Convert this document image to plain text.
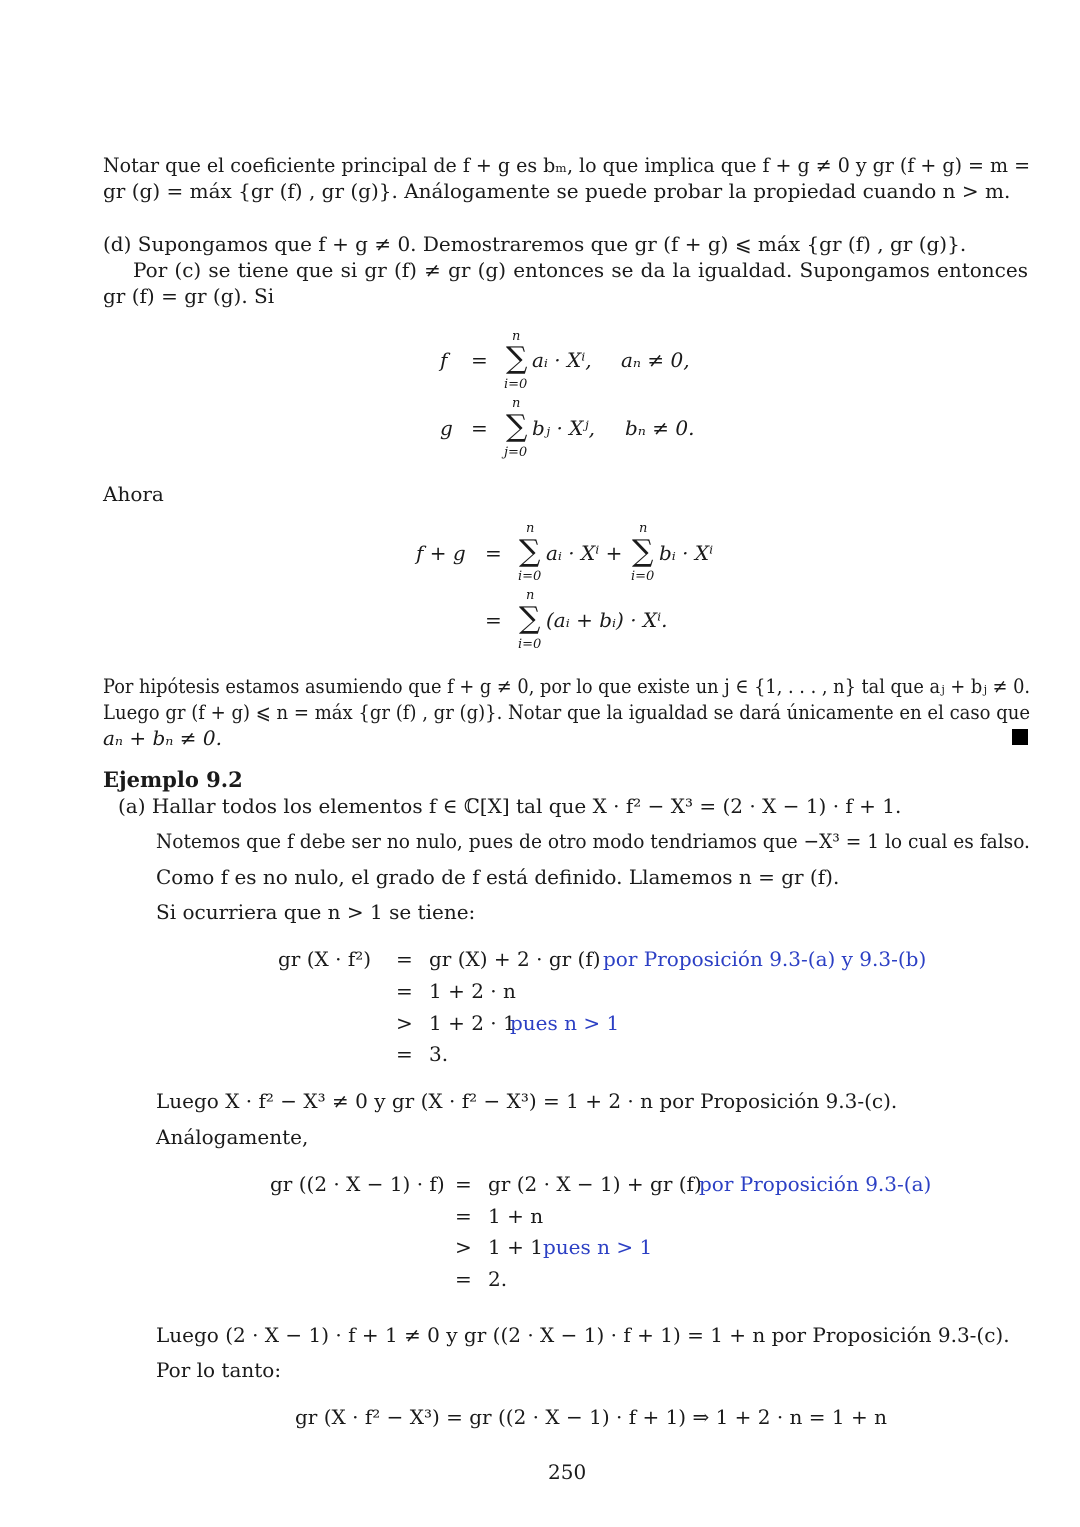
Notar que el coeficiente principal de f + g es bₘ, lo que implica que f + g ≠ 0 y gr (f + g) = m =
gr (g) = máx {gr (f) , gr (g)}. Análogamente se puede probar la propiedad cuando n > m.
(d) Supongamos que f + g ≠ 0. Demostraremos que gr (f + g) ⩽ máx {gr (f) , gr (g)}.
Por (c) se tiene que si gr (f) ≠ gr (g) entonces se da la igualdad. Supongamos entonces
gr (f) = gr (g). Si
f =
n
∑
i=0
aᵢ · Xⁱ, aₙ ≠ 0,
g =
n
∑
j=0
bⱼ · Xʲ, bₙ ≠ 0.
Ahora
f + g =
n
∑
i=0
aᵢ · Xⁱ +
n
∑
i=0
bᵢ · Xⁱ
=
n
∑
i=0
(aᵢ + bᵢ) · Xⁱ.
Por hipótesis estamos asumiendo que f + g ≠ 0, por lo que existe un j ∈ {1, . . . , n} tal que aⱼ + bⱼ ≠ 0.
Luego gr (f + g) ⩽ n = máx {gr (f) , gr (g)}. Notar que la igualdad se dará únicamente en el caso que
aₙ + bₙ ≠ 0.
Ejemplo 9.2
(a) Hallar todos los elementos f ∈ ℂ[X] tal que X · f² − X³ = (2 · X − 1) · f + 1.
Notemos que f debe ser no nulo, pues de otro modo tendriamos que −X³ = 1 lo cual es falso.
Como f es no nulo, el grado de f está definido. Llamemos n = gr (f).
Si ocurriera que n > 1 se tiene:
gr (X · f²) = gr (X) + 2 · gr (f) por Proposición 9.3-(a) y 9.3-(b)
= 1 + 2 · n
> 1 + 2 · 1
pues n > 1
= 3.
Luego X · f² − X³ ≠ 0 y gr (X · f² − X³) = 1 + 2 · n por Proposición 9.3-(c).
Análogamente,
gr ((2 · X − 1) · f) = gr (2 · X − 1) + gr (f)
por Proposición 9.3-(a)
= 1 + n
> 1 + 1 pues n > 1
= 2.
Luego (2 · X − 1) · f + 1 ≠ 0 y gr ((2 · X − 1) · f + 1) = 1 + n por Proposición 9.3-(c).
Por lo tanto:
gr (X · f² − X³) = gr ((2 · X − 1) · f + 1) ⇒ 1 + 2 · n = 1 + n
250
